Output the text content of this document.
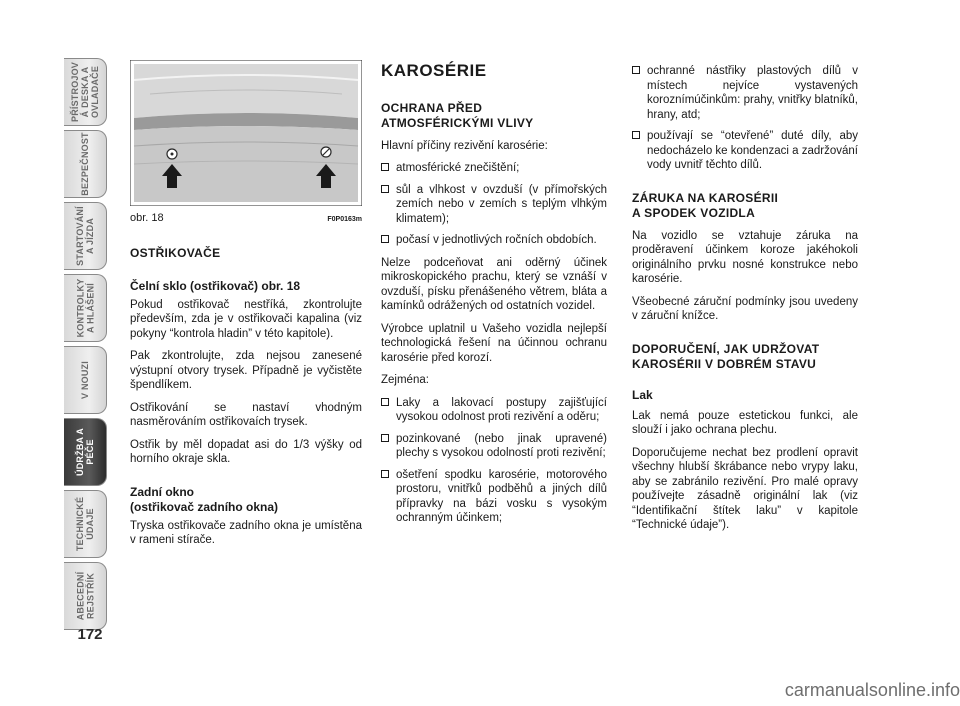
PŘÍSTROJOV
Á DESKA A
OVLADAČE
BEZPEČNOST
STARTOVÁNÍ
A JÍZDA
KONTROLKY
A HLÁŠENÍ
V NOUZI
ÚDRŽBA A
PÉČE
TECHNICKÉ
ÚDAJE
ABECEDNÍ
REJSTŘÍK
172
obr. 18	F0P0163m
OSTŘIKOVAČE
Čelní sklo (ostřikovač) obr. 18

Pokud ostřikovač nestříká, zkontrolujte především, zda je v ostřikovači kapalina (viz pokyny “kontrola hladin” v této kapitole).

Pak zkontrolujte, zda nejsou zanesené výstupní otvory trysek. Případně je vyčistěte špendlíkem.

Ostřikování se nastaví vhodným nasměrováním ostřikovaích trysek.

Ostřik by měl dopadat asi do 1/3 výšky od horního okraje skla.

Zadní okno
(ostřikovač zadního okna)

Tryska ostřikovače zadního okna je umístěna v rameni stírače.

KAROSÉRIE
OCHRANA PŘED
ATMOSFÉRICKÝMI VLIVY

Hlavní příčiny rezivění karosérie:

atmosférické znečištění;
sůl a vlhkost v ovzduší (v přímořských zemích nebo v zemích s teplým vlhkým klimatem);
počasí v jednotlivých ročních obdobích.

Nelze podceňovat ani oděrný účinek mikroskopického prachu, který se vznáší v ovzduší, písku přenášeného větrem, bláta a kamínků odrážených od ostatních vozidel.

Výrobce uplatnil u Vašeho vozidla nejlepší technologická řešení na účinnou ochranu karosérie před korozí.

Zejména:

Laky a lakovací postupy zajišťující vysokou odolnost proti rezivění a oděru;
pozinkované (nebo jinak upravené) plechy s vysokou odolností proti rezivění;
ošetření spodku karosérie, motorového prostoru, vnitřků podběhů a jiných dílů přípravky na bázi vosku s vysokým ochranným účinkem;
ochranné nástřiky plastových dílů v místech nejvíce vystavených koroznímúčinkům: prahy, vnitřky blatníků, hrany, atd;
používají se “otevřené” duté díly, aby nedocházelo ke kondenzaci a zadržování vody uvnitř těchto dílů.
ZÁRUKA NA KAROSÉRII
A SPODEK VOZIDLA

Na vozidlo se vztahuje záruka na proděravení účinkem koroze jakéhokoli originálního prvku nosné konstrukce nebo karosérie.

Všeobecné záruční podmínky jsou uvedeny v záruční knížce.

DOPORUČENÍ, JAK UDRŽOVAT
KAROSÉRII V DOBRÉM STAVU
Lak

Lak nemá pouze estetickou funkci, ale slouží i jako ochrana plechu.

Doporučujeme nechat bez prodlení opravit všechny hlubší škrábance nebo vrypy laku, aby se zabránilo rezivění. Pro malé opravy používejte zásadně originální lak (viz “Identifikační štítek laku” v kapitole “Technické údaje”).

carmanualsonline.info
